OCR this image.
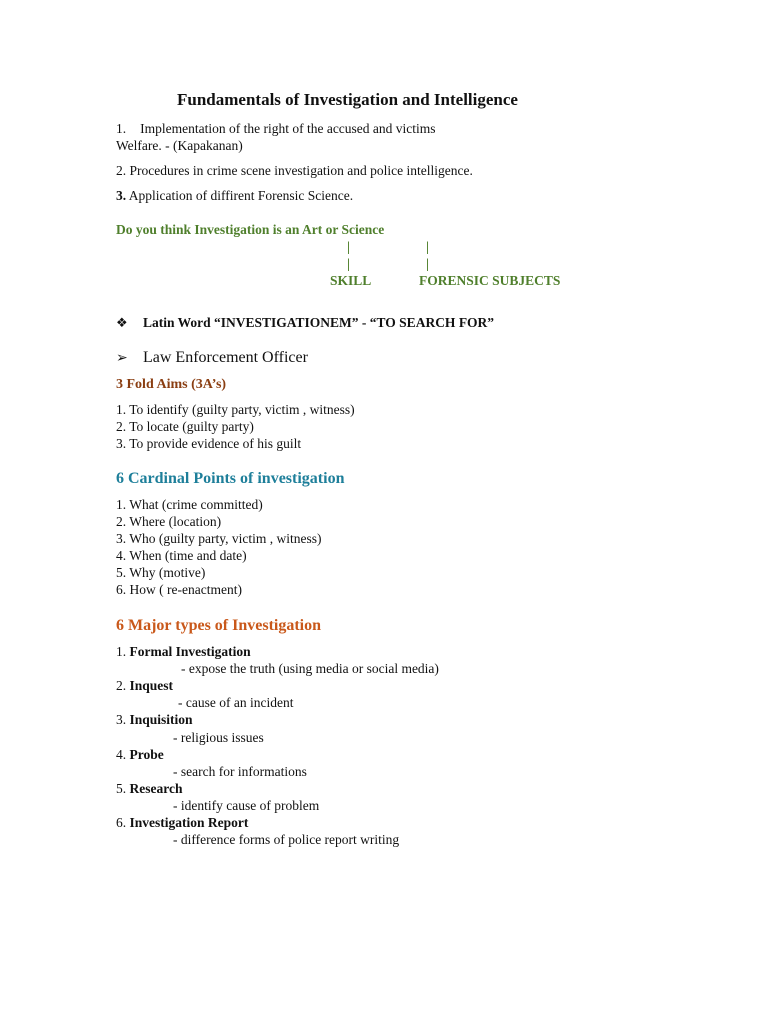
Fundamentals of Investigation and Intelligence
1. Implementation of the right of the accused and victims
Welfare. - (Kapakanan)
2. Procedures in crime scene investigation and police intelligence.
3. Application of diffirent Forensic Science.
Do you think Investigation is an Art or Science
|	|
|	|
SKILL	FORENSIC SUBJECTS
❖ Latin Word “INVESTIGATIONEM” - “TO SEARCH FOR”
➢ Law Enforcement Officer
3 Fold Aims (3A’s)
1. To identify (guilty party, victim , witness)
2. To locate (guilty party)
3. To provide evidence of his guilt
6 Cardinal Points of investigation
1. What (crime committed)
2. Where (location)
3. Who (guilty party, victim , witness)
4. When (time and date)
5. Why (motive)
6. How ( re-enactment)
6 Major types of Investigation
1. Formal Investigation
- expose the truth (using media or social media)
2. Inquest
- cause of an incident
3. Inquisition
- religious issues
4. Probe
- search for informations
5. Research
- identify cause of problem
6. Investigation Report
- difference forms of police report writing
